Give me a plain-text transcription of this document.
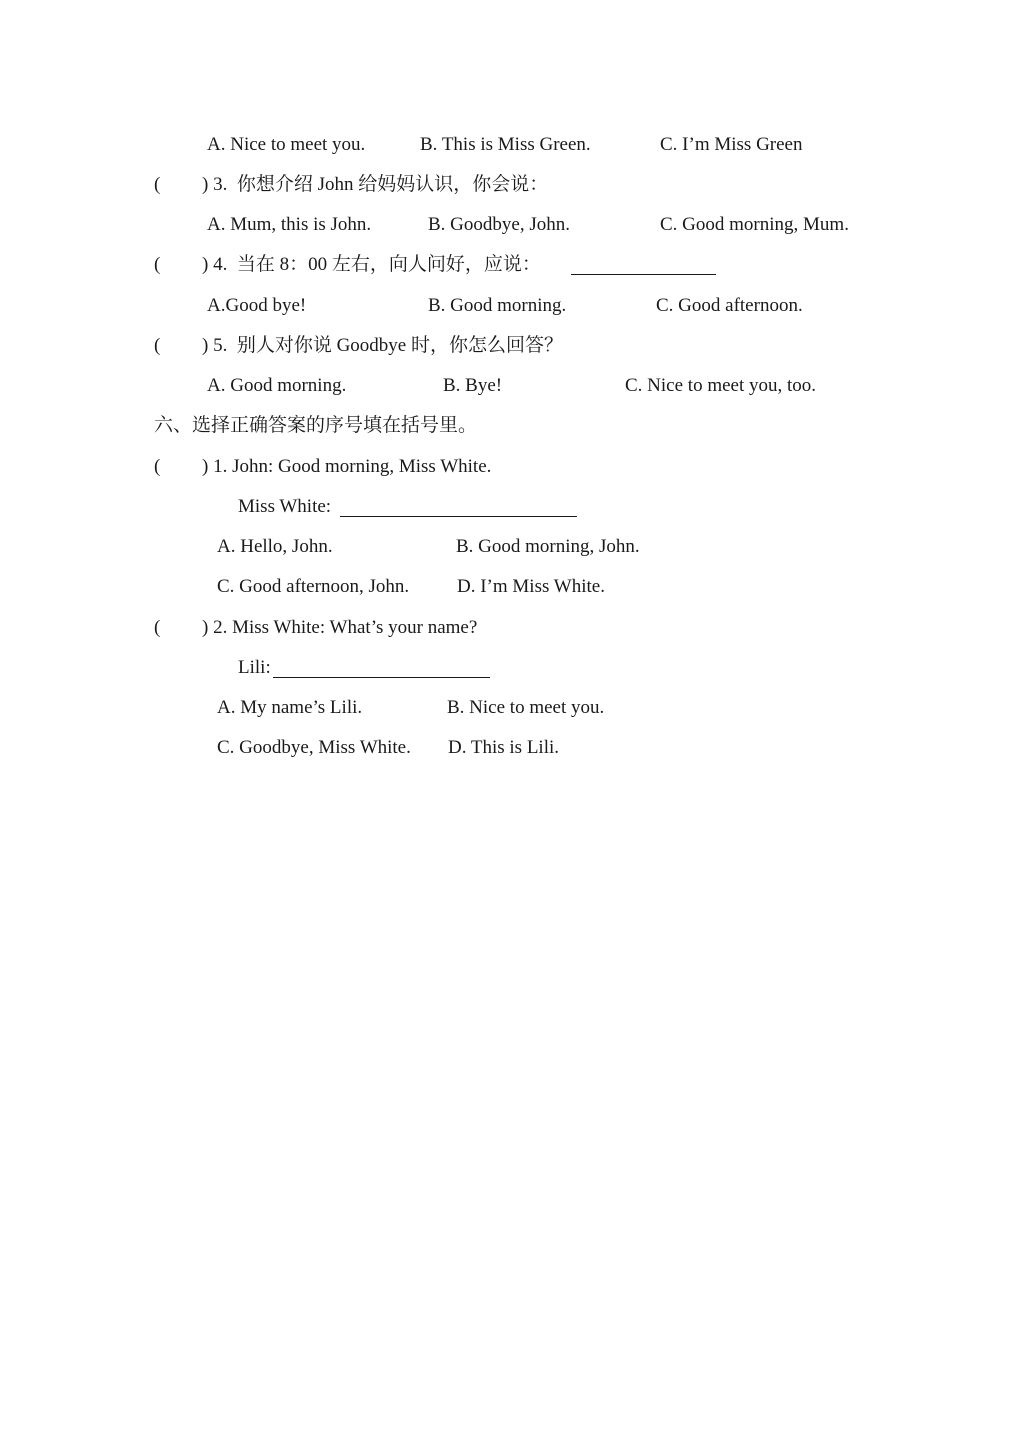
A. Nice to meet you.	B. This is Miss Green.	C. I’m Miss Green
( ) 3.  你想介绍 John 给妈妈认识，你会说：
A. Mum, this is John.	B. Goodbye, John.	C. Good morning, Mum.
( ) 4.  当在 8：00 左右，向人问好，应说：
A.Good bye!	B. Good morning.	C. Good afternoon.
( ) 5.  别人对你说 Goodbye 时，你怎么回答？
A. Good morning.	B. Bye!	C. Nice to meet you, too.
六、选择正确答案的序号填在括号里。
( ) 1. John: Good morning, Miss White.
Miss White:
A. Hello, John.	B. Good morning, John.
C. Good afternoon, John.	D. I’m Miss White.
( ) 2. Miss White: What’s your name?
Lili:
A. My name’s Lili.	B. Nice to meet you.
C. Goodbye, Miss White. D. This is Lili.
